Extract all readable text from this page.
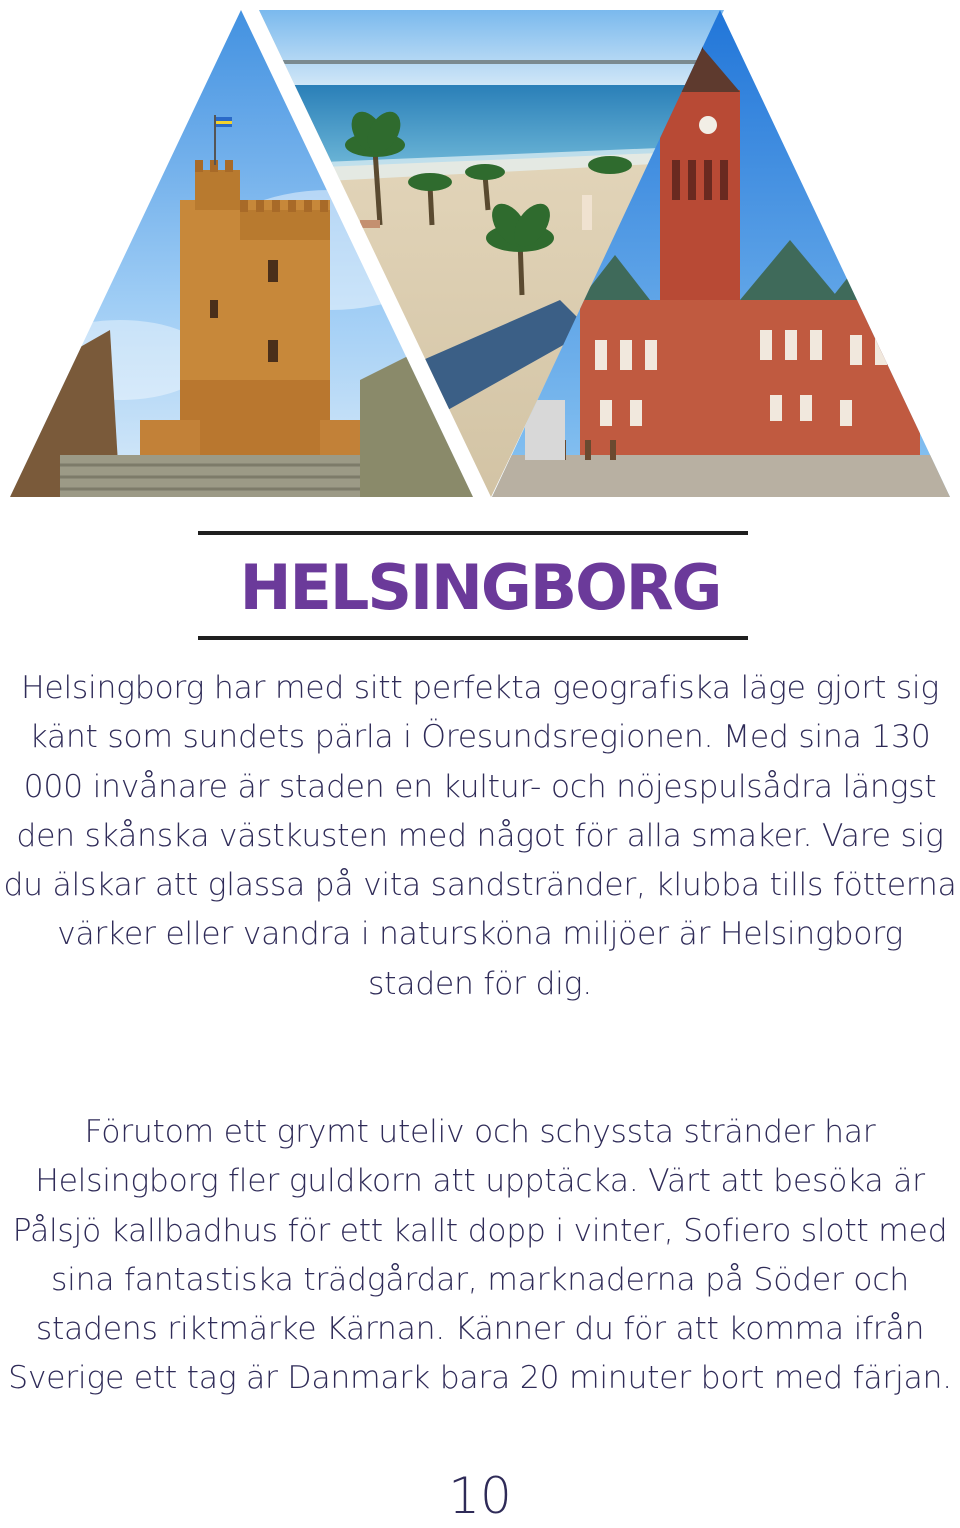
HELSINGBORG

Helsingborg har med sitt perfekta geografiska läge gjort sig känt som sundets pärla i Öresundsregionen. Med sina 130 000 invånare är staden en kultur- och nöjespulsådra längst den skånska västkusten med något för alla smaker. Vare sig du älskar att glassa på vita sandstränder, klubba tills fötterna värker eller vandra i natursköna miljöer är Helsingborg staden för dig.

Förutom ett grymt uteliv och schyssta stränder har Helsingborg fler guldkorn att upptäcka. Värt att besöka är Pålsjö kallbadhus för ett kallt dopp i vinter, Sofiero slott med sina fantastiska trädgårdar, marknaderna på Söder och stadens riktmärke Kärnan. Känner du för att komma ifrån Sverige ett tag är Danmark bara 20 minuter bort med färjan.

10
